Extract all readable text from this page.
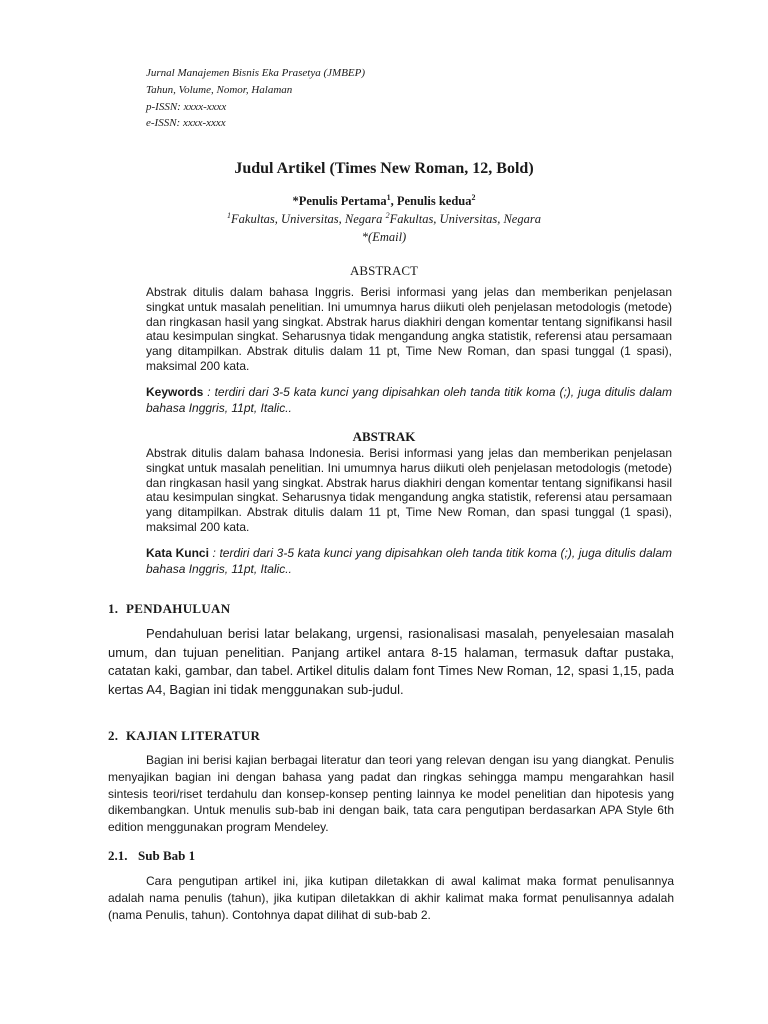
Jurnal Manajemen Bisnis Eka Prasetya (JMBEP)
Tahun, Volume, Nomor, Halaman
p-ISSN: xxxx-xxxx
e-ISSN: xxxx-xxxx
Judul Artikel (Times New Roman, 12, Bold)
*Penulis Pertama$^1$, Penulis kedua$^2$
$^1$Fakultas, Universitas, Negara $^2$Fakultas, Universitas, Negara
*(Email)
ABSTRACT

Abstrak ditulis dalam bahasa Inggris. Berisi informasi yang jelas dan memberikan penjelasan singkat untuk masalah penelitian. Ini umumnya harus diikuti oleh penjelasan metodologis (metode) dan ringkasan hasil yang singkat. Abstrak harus diakhiri dengan komentar tentang signifikansi hasil atau kesimpulan singkat. Seharusnya tidak mengandung angka statistik, referensi atau persamaan yang ditampilkan. Abstrak ditulis dalam 11 pt, Time New Roman, dan spasi tunggal (1 spasi), maksimal 200 kata.

Keywords : terdiri dari 3-5 kata kunci yang dipisahkan oleh tanda titik koma (;), juga ditulis dalam bahasa Inggris, 11pt, Italic..

ABSTRAK

Abstrak ditulis dalam bahasa Indonesia. Berisi informasi yang jelas dan memberikan penjelasan singkat untuk masalah penelitian. Ini umumnya harus diikuti oleh penjelasan metodologis (metode) dan ringkasan hasil yang singkat. Abstrak harus diakhiri dengan komentar tentang signifikansi hasil atau kesimpulan singkat. Seharusnya tidak mengandung angka statistik, referensi atau persamaan yang ditampilkan. Abstrak ditulis dalam 11 pt, Time New Roman, dan spasi tunggal (1 spasi), maksimal 200 kata.

Kata Kunci : terdiri dari 3-5 kata kunci yang dipisahkan oleh tanda titik koma (;), juga ditulis dalam bahasa Inggris, 11pt, Italic..

1. PENDAHULUAN

Pendahuluan berisi latar belakang, urgensi, rasionalisasi masalah, penyelesaian masalah umum, dan tujuan penelitian. Panjang artikel antara 8-15 halaman, termasuk daftar pustaka, catatan kaki, gambar, dan tabel. Artikel ditulis dalam font Times New Roman, 12, spasi 1,15, pada kertas A4, Bagian ini tidak menggunakan sub-judul.

2. KAJIAN LITERATUR

Bagian ini berisi kajian berbagai literatur dan teori yang relevan dengan isu yang diangkat. Penulis menyajikan bagian ini dengan bahasa yang padat dan ringkas sehingga mampu mengarahkan hasil sintesis teori/riset terdahulu dan konsep-konsep penting lainnya ke model penelitian dan hipotesis yang dikembangkan. Untuk menulis sub-bab ini dengan baik, tata cara pengutipan berdasarkan APA Style 6th edition menggunakan program Mendeley.

2.1. Sub Bab 1

Cara pengutipan artikel ini, jika kutipan diletakkan di awal kalimat maka format penulisannya adalah nama penulis (tahun), jika kutipan diletakkan di akhir kalimat maka format penulisannya adalah (nama Penulis, tahun). Contohnya dapat dilihat di sub-bab 2.
